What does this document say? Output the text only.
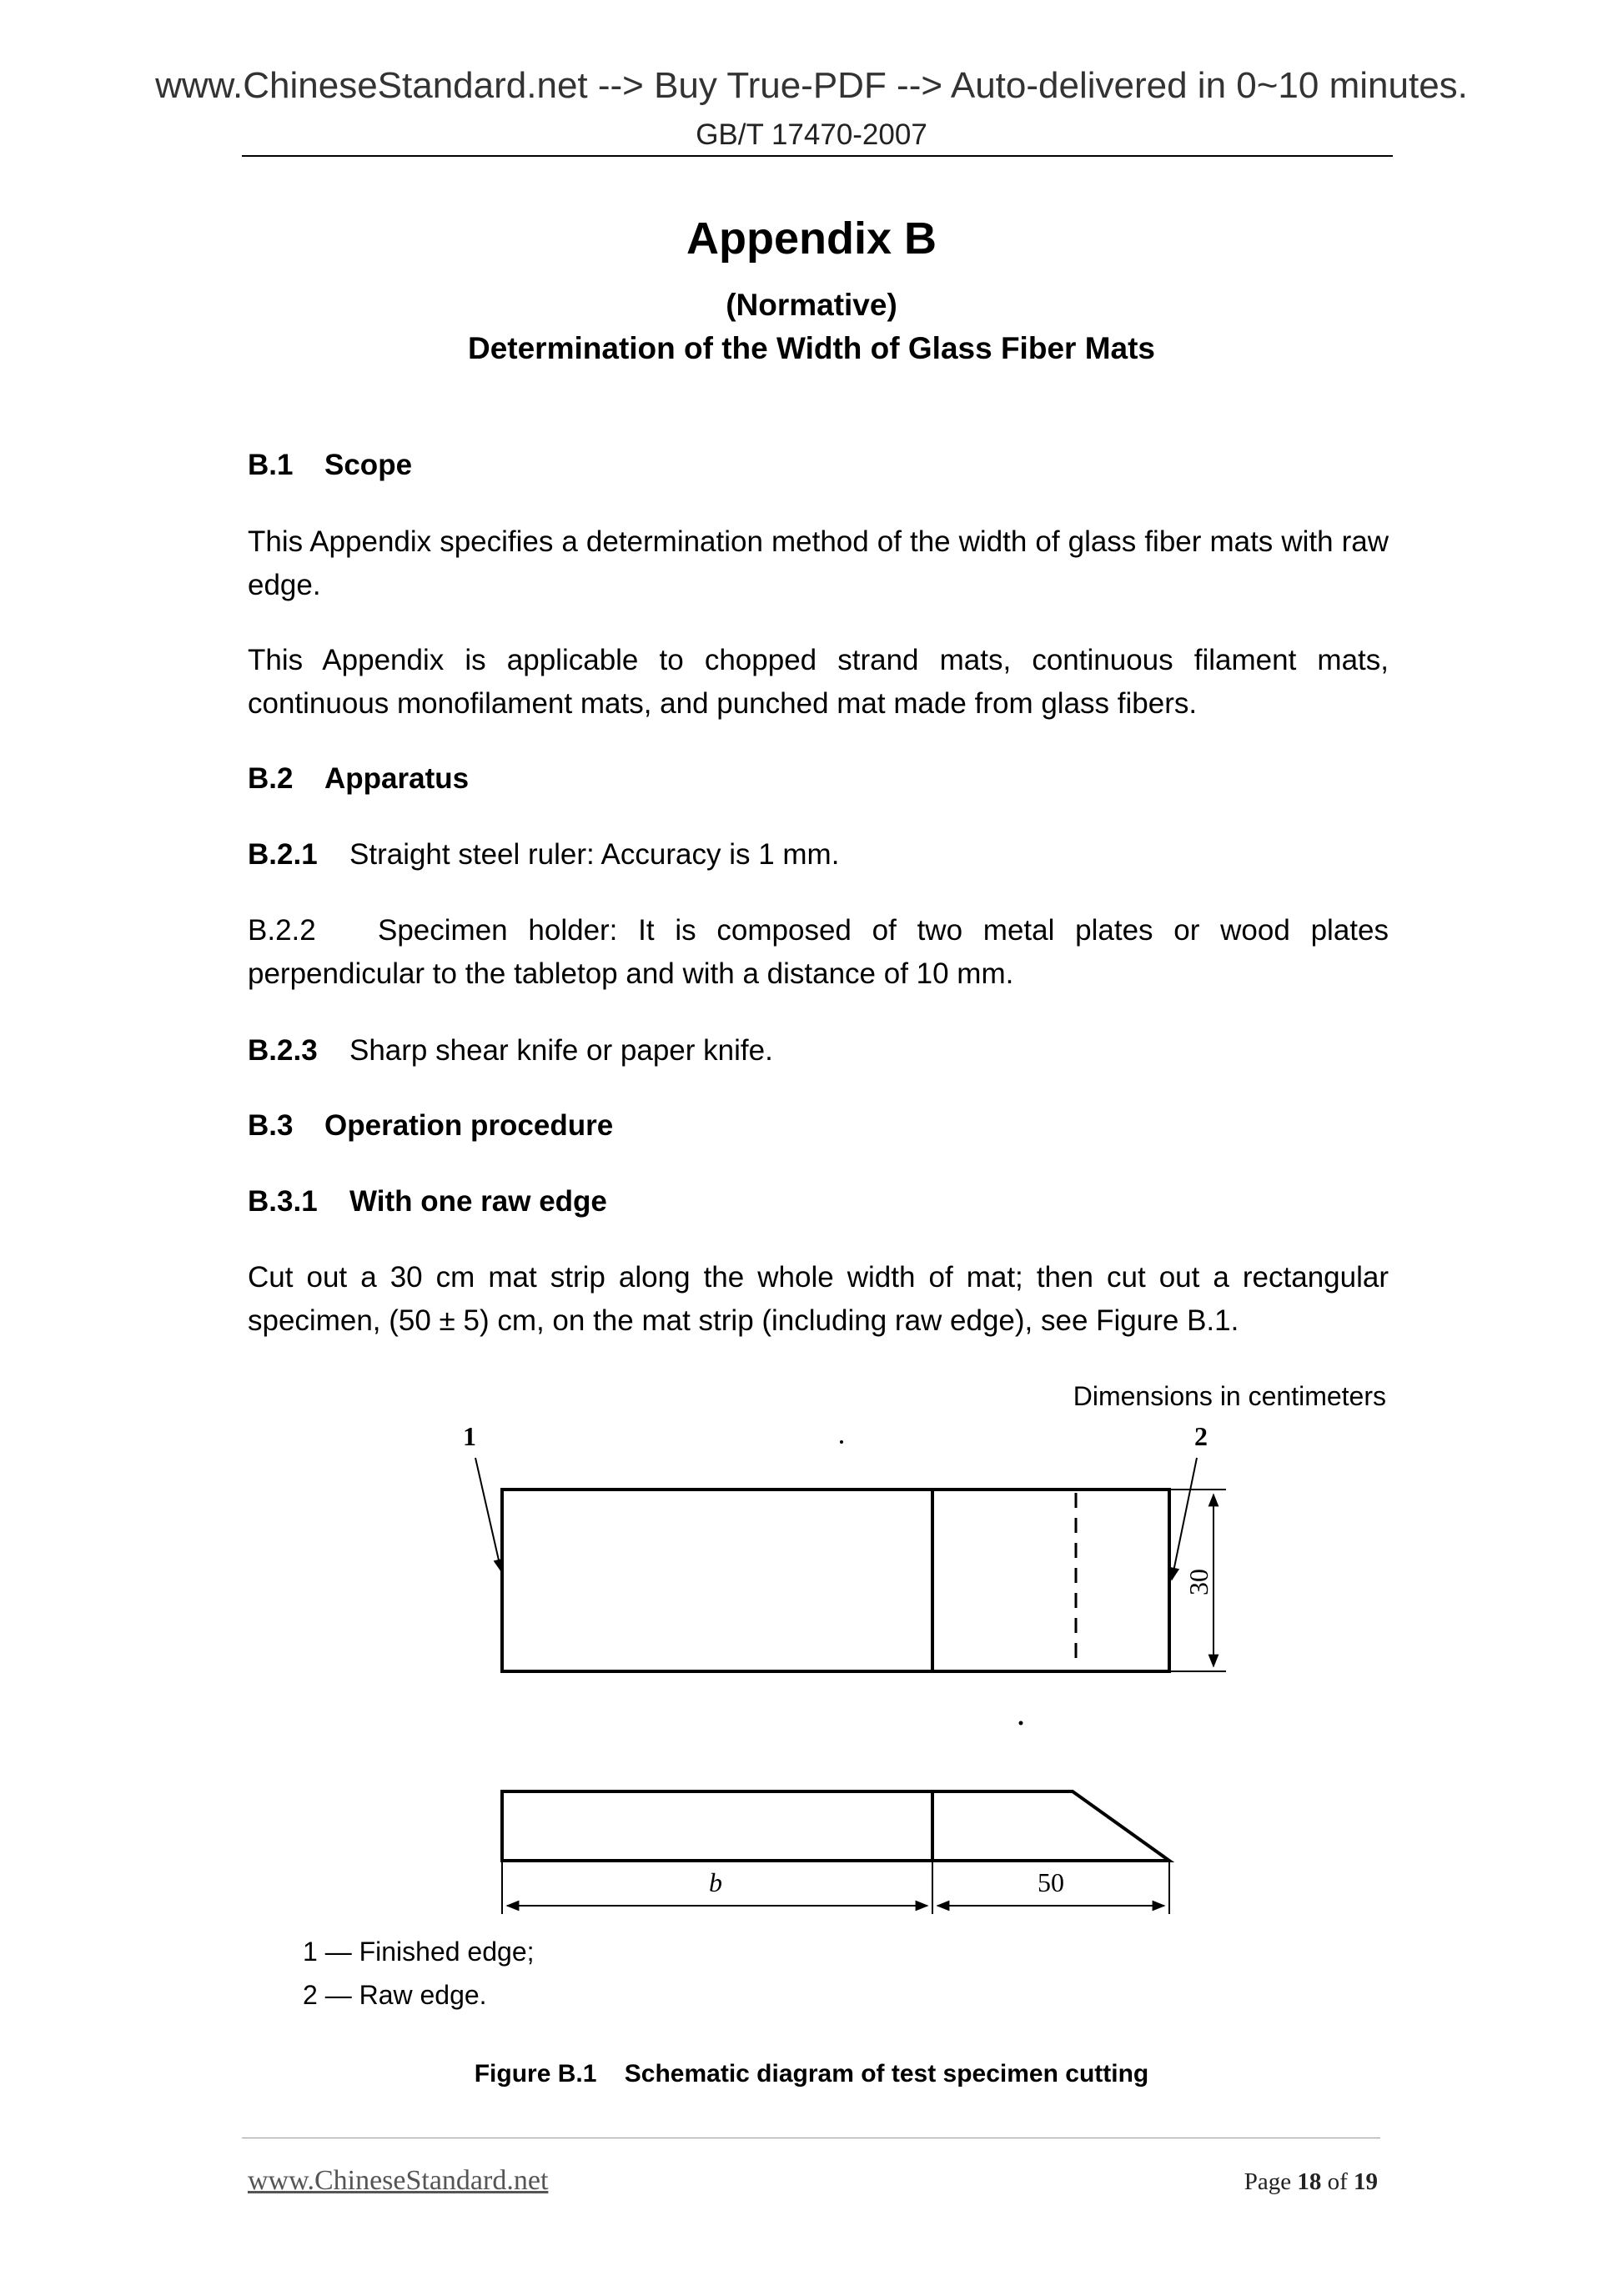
www.ChineseStandard.net --> Buy True-PDF --> Auto-delivered in 0~10 minutes.
GB/T 17470-2007
Appendix B
(Normative)
Determination of the Width of Glass Fiber Mats
B.1 Scope
This Appendix specifies a determination method of the width of glass fiber mats with raw edge.
This Appendix is applicable to chopped strand mats, continuous filament mats, continuous monofilament mats, and punched mat made from glass fibers.
B.2 Apparatus
B.2.1 Straight steel ruler: Accuracy is 1 mm.
B.2.2 Specimen holder: It is composed of two metal plates or wood plates perpendicular to the tabletop and with a distance of 10 mm.
B.2.3 Sharp shear knife or paper knife.
B.3 Operation procedure
B.3.1 With one raw edge
Cut out a 30 cm mat strip along the whole width of mat; then cut out a rectangular specimen, (50 ± 5) cm, on the mat strip (including raw edge), see Figure B.1.
Dimensions in centimeters
30
1	2
b	50
1 — Finished edge;
2 — Raw edge.
Figure B.1 Schematic diagram of test specimen cutting
www.ChineseStandard.net	Page 18 of 19
